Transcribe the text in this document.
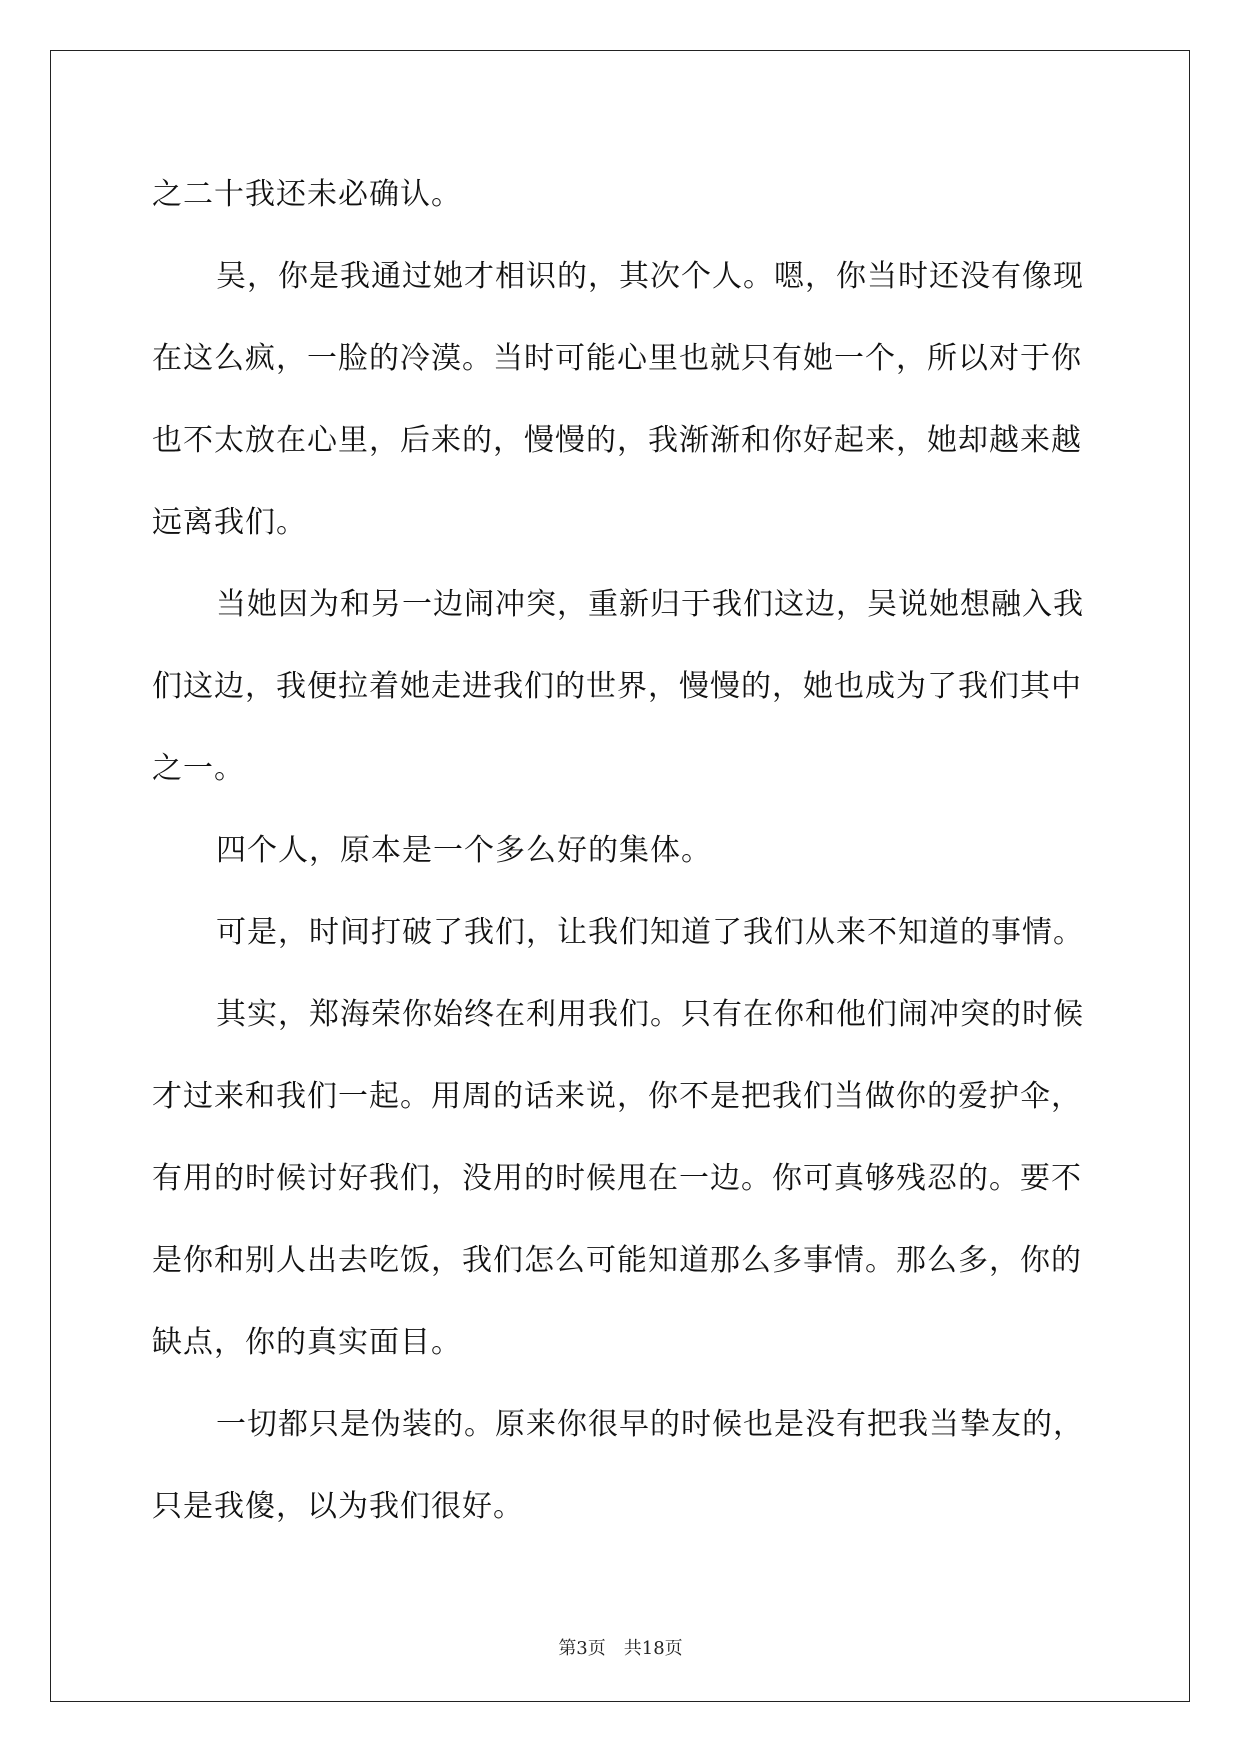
之二十我还未必确认。

吴，你是我通过她才相识的，其次个人。嗯，你当时还没有像现
在这么疯，一脸的冷漠。当时可能心里也就只有她一个，所以对于你
也不太放在心里，后来的，慢慢的，我渐渐和你好起来，她却越来越
远离我们。

当她因为和另一边闹冲突，重新归于我们这边，吴说她想融入我
们这边，我便拉着她走进我们的世界，慢慢的，她也成为了我们其中
之一。

四个人，原本是一个多么好的集体。

可是，时间打破了我们，让我们知道了我们从来不知道的事情。

其实，郑海荣你始终在利用我们。只有在你和他们闹冲突的时候
才过来和我们一起。用周的话来说，你不是把我们当做你的爱护伞，
有用的时候讨好我们，没用的时候甩在一边。你可真够残忍的。要不
是你和别人出去吃饭，我们怎么可能知道那么多事情。那么多，你的
缺点，你的真实面目。

一切都只是伪装的。原来你很早的时候也是没有把我当挚友的，
只是我傻，以为我们很好。

第3页　共18页
